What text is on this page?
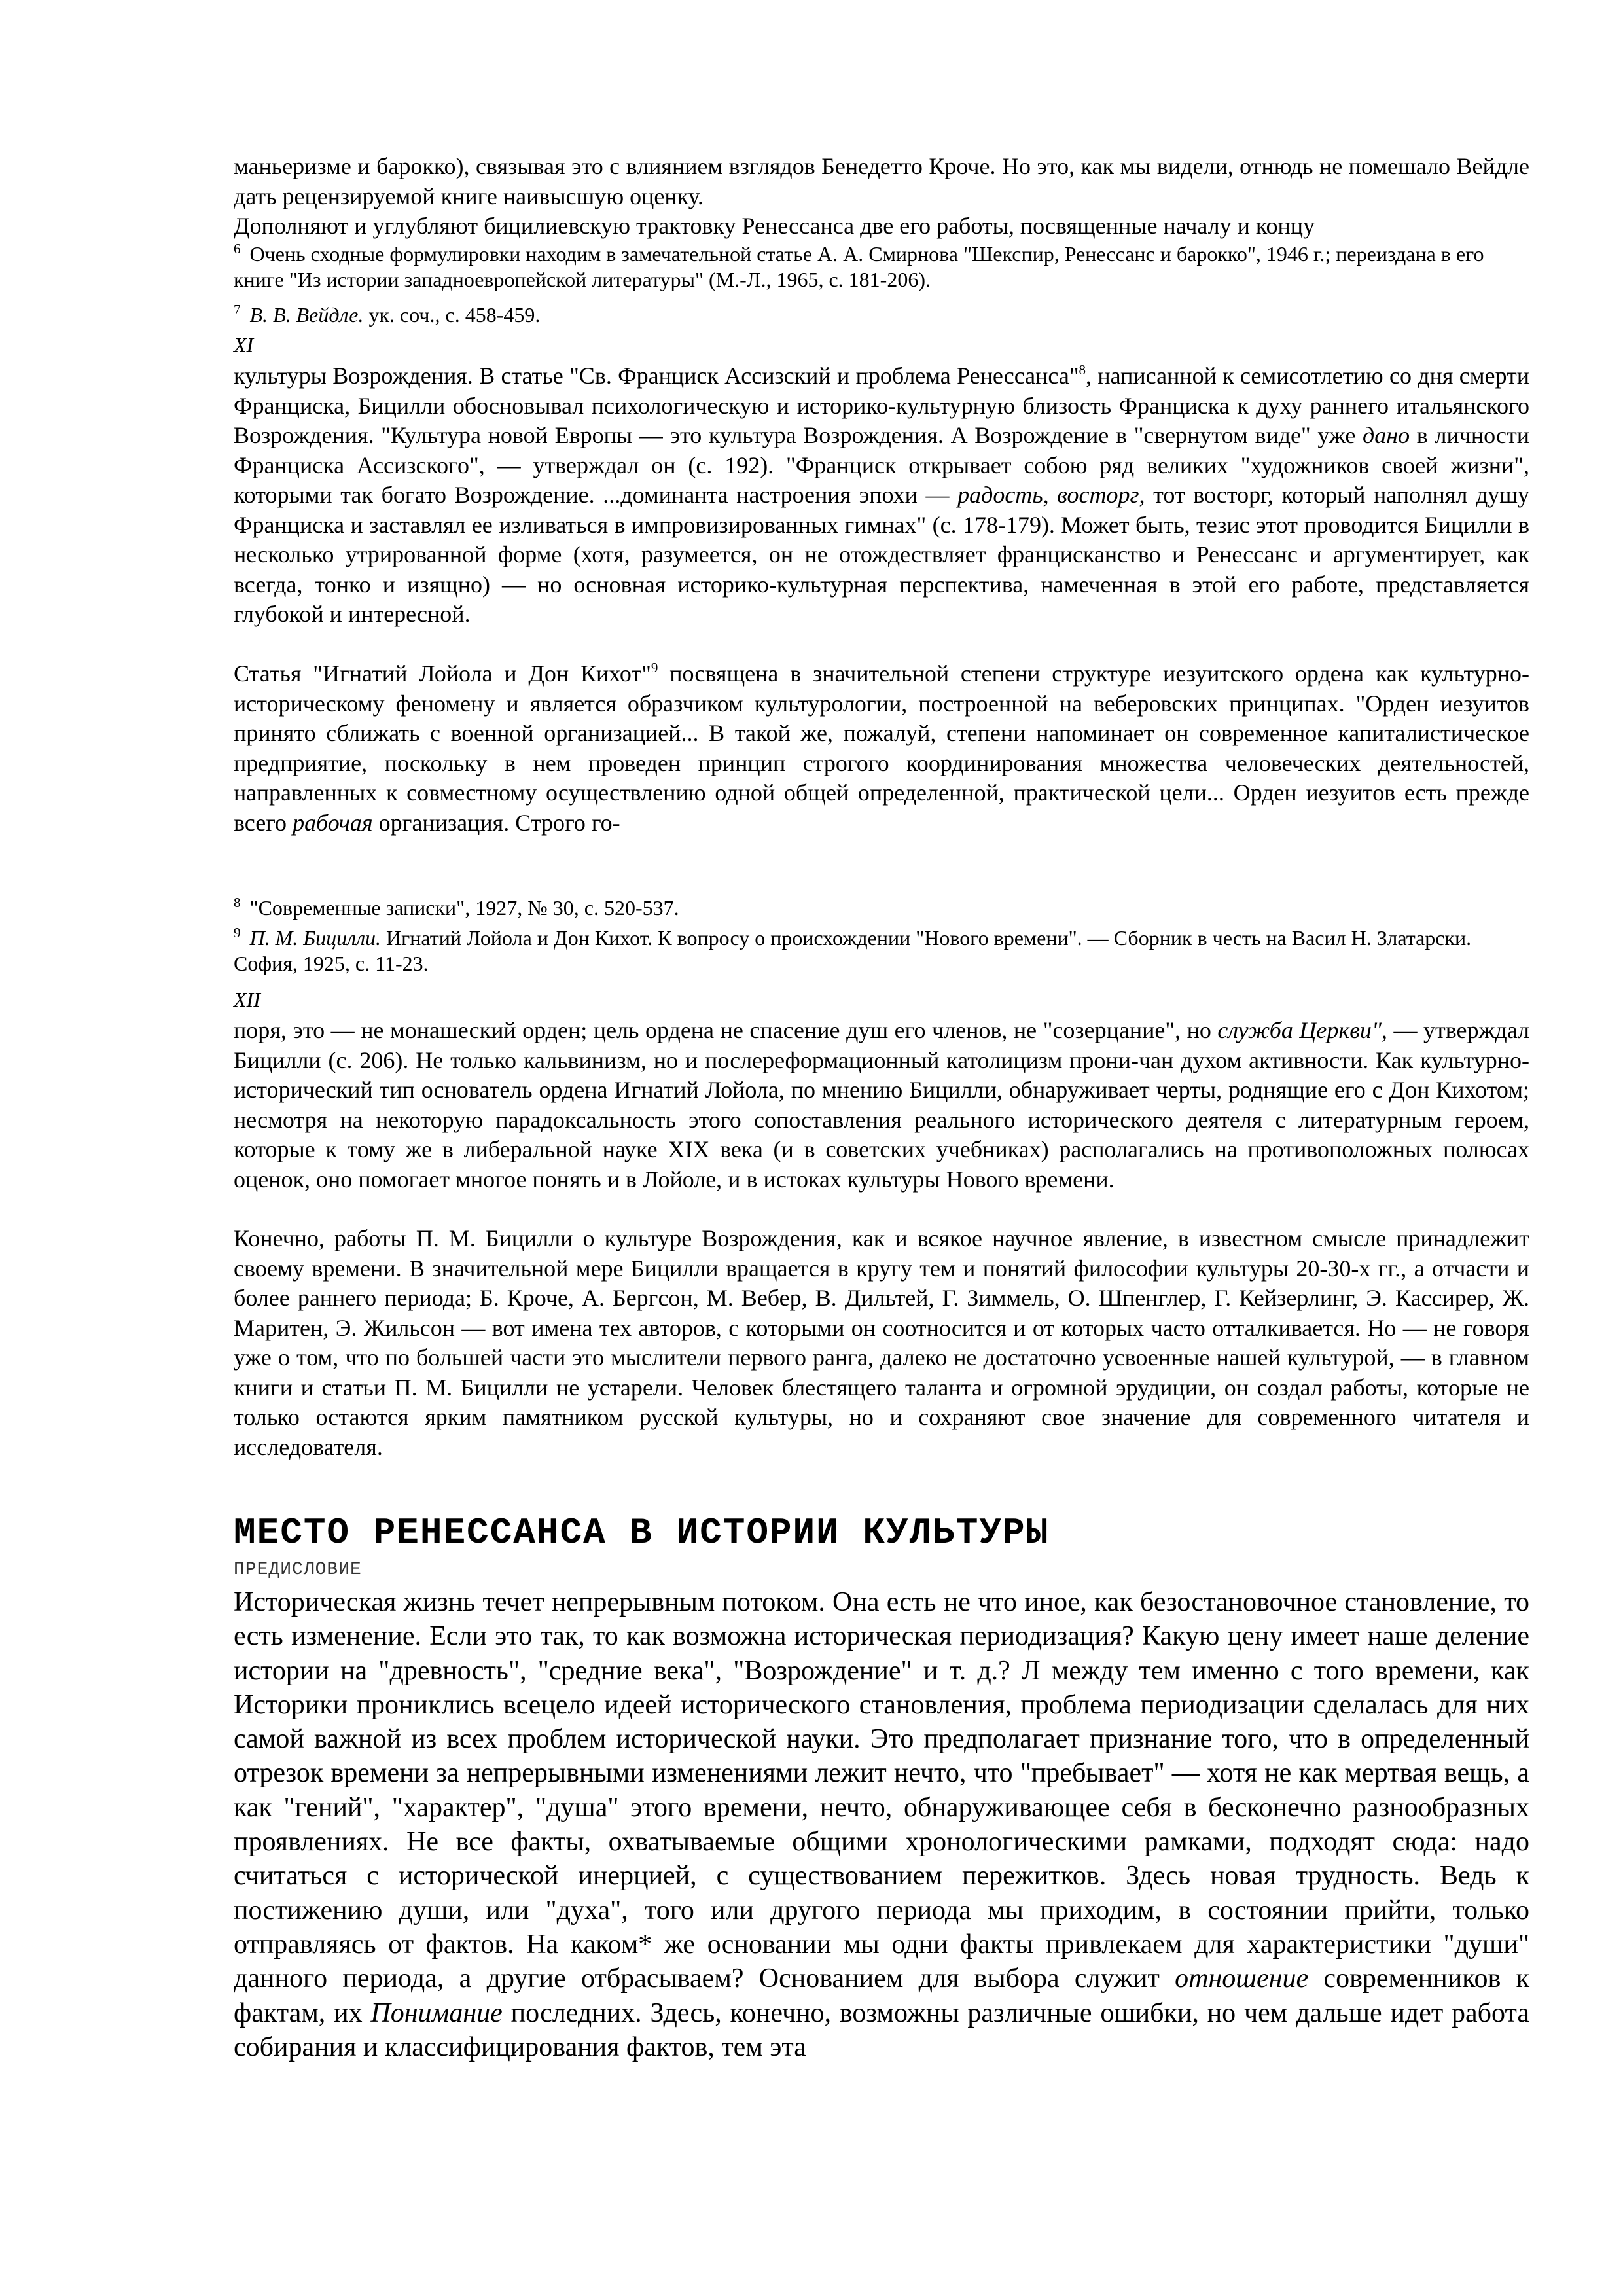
маньеризме и барокко), связывая это с влиянием взглядов Бенедетто Кроче. Но это, как мы видели, отнюдь не помешало Вейдле дать рецензируемой книге наивысшую оценку.

Дополняют и углубляют бицилиевскую трактовку Ренессанса две его работы, посвященные началу и концу

$^6$ Очень сходные формулировки находим в замечательной статье А. А. Смирнова "Шекспир, Ренессанс и барокко", 1946 г.; переиздана в его книге "Из истории западноевропейской литературы" (М.-Л., 1965, с. 181-206).

$^7$ В. В. Вейдле. ук. соч., с. 458-459.

XI

культуры Возрождения. В статье "Св. Франциск Ассизский и проблема Ренессанса"$^8$, написанной к семисотлетию со дня смерти Франциска, Бицилли обосновывал психологическую и историко-культурную близость Франциска к духу раннего итальянского Возрождения. "Культура новой Европы — это культура Возрождения. А Возрождение в "свернутом виде" уже дано в личности Франциска Ассизского", — утверждал он (с. 192). "Франциск открывает собою ряд великих "художников своей жизни", которыми так богато Возрождение. ...доминанта настроения эпохи — радость, восторг, тот восторг, который наполнял душу Франциска и заставлял ее изливаться в импровизированных гимнах" (с. 178-179). Может быть, тезис этот проводится Бицилли в несколько утрированной форме (хотя, разумеется, он не отождествляет францисканство и Ренессанс и аргументирует, как всегда, тонко и изящно) — но основная историко-культурная перспектива, намеченная в этой его работе, представляется глубокой и интересной.

Статья "Игнатий Лойола и Дон Кихот"$^9$ посвящена в значительной степени структуре иезуитского ордена как культурно-историческому феномену и является образчиком культурологии, построенной на веберовских принципах. "Орден иезуитов принято сближать с военной организацией... В такой же, пожалуй, степени напоминает он современное капиталистическое предприятие, поскольку в нем проведен принцип строгого координирования множества человеческих деятельностей, направленных к совместному осуществлению одной общей определенной, практической цели... Орден иезуитов есть прежде всего рабочая организация. Строго го-

$^8$ "Современные записки", 1927, № 30, с. 520-537.

$^9$ П. М. Бицилли. Игнатий Лойола и Дон Кихот. К вопросу о происхождении "Нового времени". — Сборник в честь на Васил Н. Златарски. София, 1925, с. 11-23.

XII

поря, это — не монашеский орден; цель ордена не спасение душ его членов, не "созерцание", но служба Церкви", — утверждал Бицилли (с. 206). Не только кальвинизм, но и послереформационный католицизм прони-чан духом активности. Как культурно-исторический тип основатель ордена Игнатий Лойола, по мнению Бицилли, обнаруживает черты, роднящие его с Дон Кихотом; несмотря на некоторую парадоксальность этого сопоставления реального исторического деятеля с литературным героем, которые к тому же в либеральной науке XIX века (и в советских учебниках) располагались на противоположных полюсах оценок, оно помогает многое понять и в Лойоле, и в истоках культуры Нового времени.

Конечно, работы П. М. Бицилли о культуре Возрождения, как и всякое научное явление, в известном смысле принадлежит своему времени. В значительной мере Бицилли вращается в кругу тем и понятий философии культуры 20-30-х гг., а отчасти и более раннего периода; Б. Кроче, А. Бергсон, М. Вебер, В. Дильтей, Г. Зиммель, О. Шпенглер, Г. Кейзерлинг, Э. Кассирер, Ж. Маритен, Э. Жильсон — вот имена тех авторов, с которыми он соотносится и от которых часто отталкивается. Но — не говоря уже о том, что по большей части это мыслители первого ранга, далеко не достаточно усвоенные нашей культурой, — в главном книги и статьи П. М. Бицилли не устарели. Человек блестящего таланта и огромной эрудиции, он создал работы, которые не только остаются ярким памятником русской культуры, но и сохраняют свое значение для современного читателя и исследователя.

МЕСТО РЕНЕССАНСА В ИСТОРИИ КУЛЬТУРЫ

ПРЕДИСЛОВИЕ

Историческая жизнь течет непрерывным потоком. Она есть не что иное, как безостановочное становление, то есть изменение. Если это так, то как возможна историческая периодизация? Какую цену имеет наше деление истории на "древность", "средние века", "Возрождение" и т. д.? Л между тем именно с того времени, как Историки прониклись всецело идеей исторического становления, проблема периодизации сделалась для них самой важной из всех проблем исторической науки. Это предполагает признание того, что в определенный отрезок времени за непрерывными изменениями лежит нечто, что "пребывает" — хотя не как мертвая вещь, а как "гений", "характер", "душа" этого времени, нечто, обнаруживающее себя в бесконечно разнообразных проявлениях. Не все факты, охватываемые общими хронологическими рамками, подходят сюда: надо считаться с исторической инерцией, с существованием пережитков. Здесь новая трудность. Ведь к постижению души, или "духа", того или другого периода мы приходим, в состоянии прийти, только отправляясь от фактов. На каком* же основании мы одни факты привлекаем для характеристики "души" данного периода, а другие отбрасываем? Основанием для выбора служит отношение современников к фактам, их Понимание последних. Здесь, конечно, возможны различные ошибки, но чем дальше идет работа собирания и классифицирования фактов, тем эта
